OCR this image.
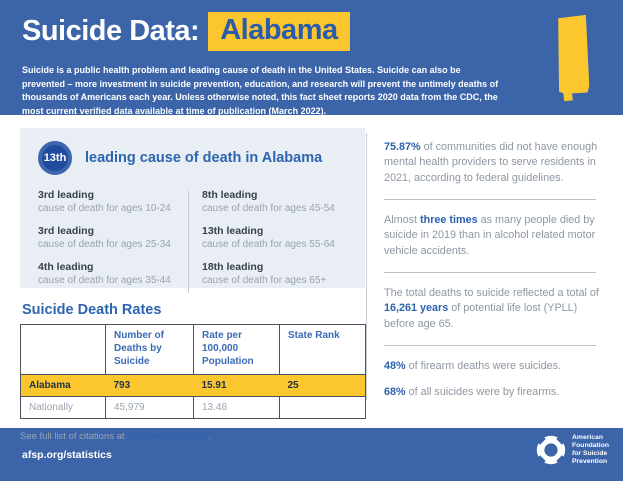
Suicide Data: Alabama

Suicide is a public health problem and leading cause of death in the United States. Suicide can also be prevented – more investment in suicide prevention, education, and research will prevent the untimely deaths of thousands of Americans each year. Unless otherwise noted, this fact sheet reports 2020 data from the CDC, the most current verified data available at time of publication (March 2022).

13th	leading cause of death in Alabama
3rd leading
cause of death for ages 10-24
3rd leading
cause of death for ages 25-34
4th leading
cause of death for ages 35-44
8th leading
cause of death for ages 45-54
13th leading
cause of death for ages 55-64
18th leading
cause of death for ages 65+
Suicide Death Rates
	Number of Deaths by Suicide	Rate per 100,000 Population	State Rank
Alabama	793	15.91	25
Nationally	45,979	13.48	

See full list of citations at afsp.org/statistics.

75.87% of communities did not have enough mental health providers to serve residents in 2021, according to federal guidelines.

Almost three times as many people died by suicide in 2019 than in alcohol related motor vehicle accidents.

The total deaths to suicide reflected a total of 16,261 years of potential life lost (YPLL) before age 65.

48% of firearm deaths were suicides.

68% of all suicides were by firearms.

afsp.org/statistics
American
Foundation
for Suicide
Prevention
